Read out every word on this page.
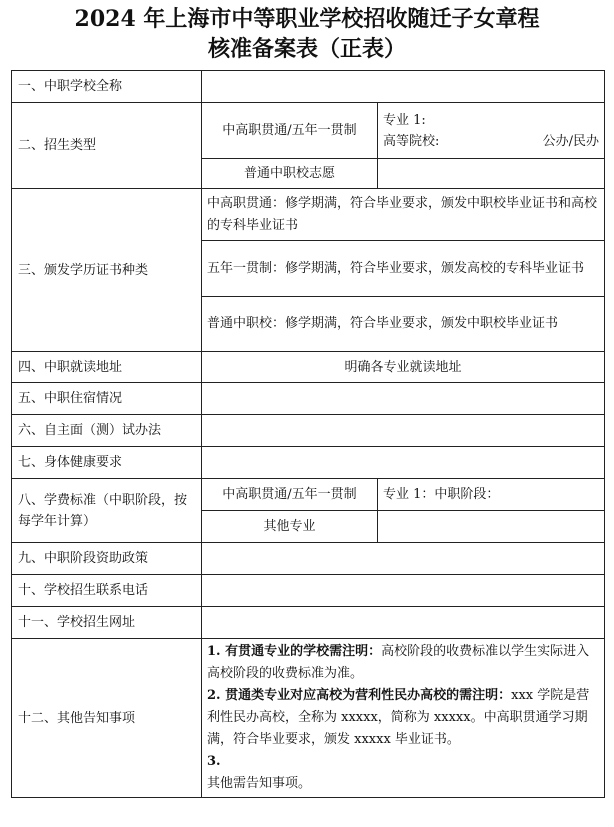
2024 年上海市中等职业学校招收随迁子女章程
核准备案表（正表）
一、中职学校全称		
二、招生类型	中高职贯通/五年一贯制	专业 1:
高等院校: 公办/民办

	普通中职校志愿	
三、颁发学历证书种类	中高职贯通：修学期满，符合毕业要求，颁发中职校毕业证书和高校的专科毕业证书	
	五年一贯制：修学期满，符合毕业要求，颁发高校的专科毕业证书	
	普通中职校：修学期满，符合毕业要求，颁发中职校毕业证书	
四、中职就读地址	明确各专业就读地址	
五、中职住宿情况		
六、自主面（测）试办法		
七、身体健康要求		
八、学费标准（中职阶段，按每学年计算）	中高职贯通/五年一贯制	专业 1：中职阶段：
	其他专业	
九、中职阶段资助政策		
十、学校招生联系电话		
十一、学校招生网址		
十二、其他告知事项	1. 有贯通专业的学校需注明：高校阶段的收费标准以学生实际进入高校阶段的收费标准为准。
2. 贯通类专业对应高校为营利性民办高校的需注明：xxx 学院是营利性民办高校，全称为 xxxxx，简称为 xxxxx。中高职贯通学习期满，符合毕业要求，颁发 xxxxx 毕业证书。
3.
其他需告知事项。	
